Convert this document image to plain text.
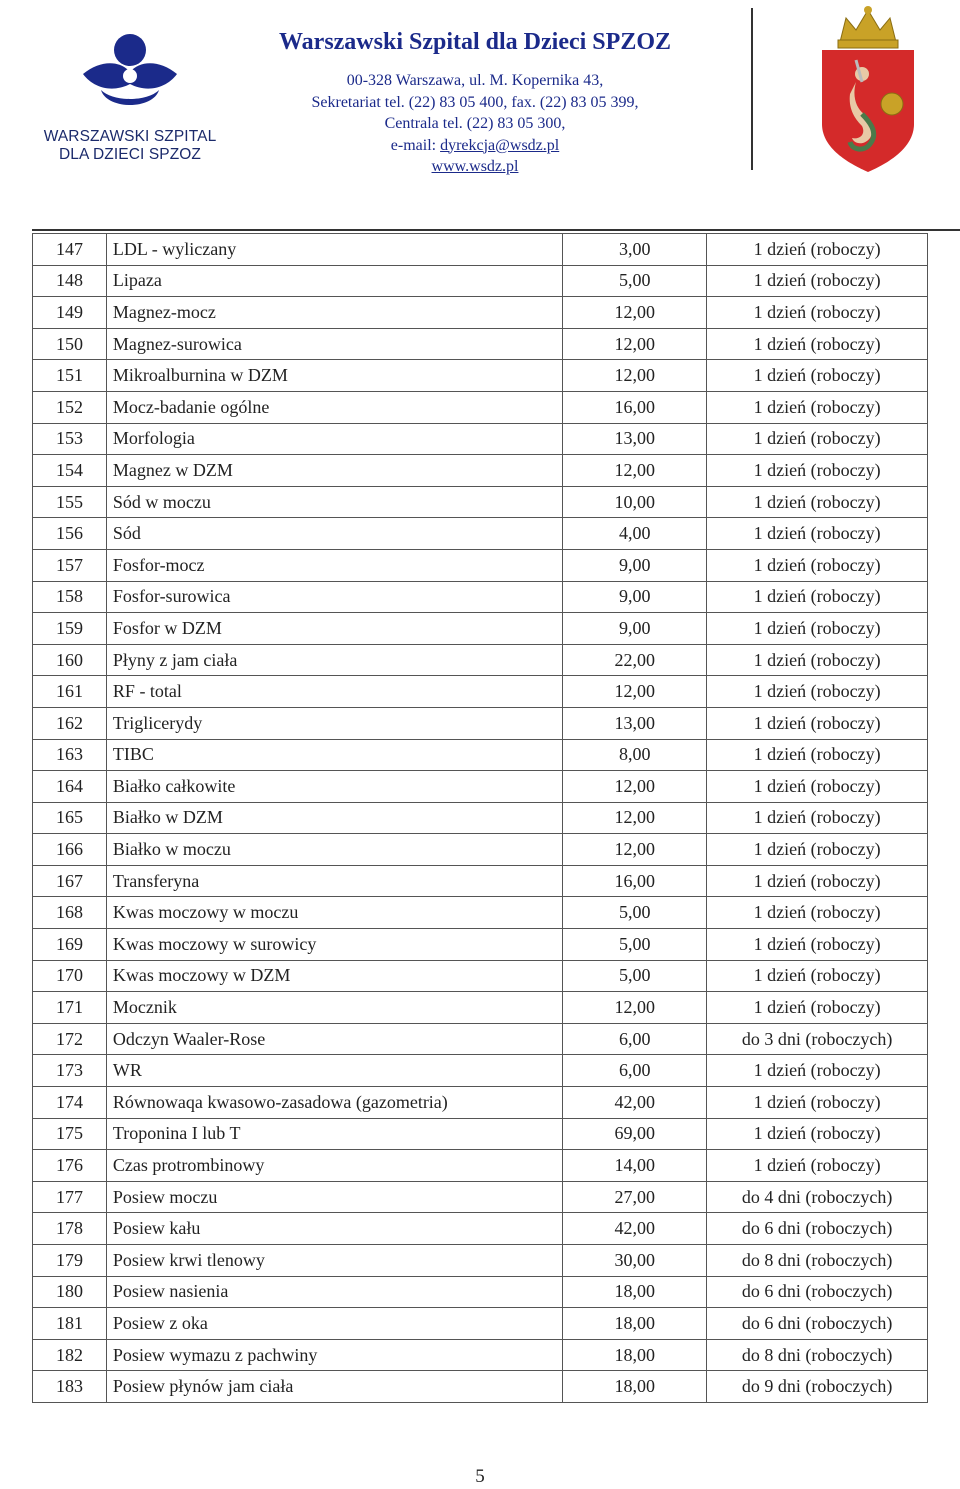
WARSZAWSKI SZPITAL
DLA DZIECI SPZOZ
Warszawski Szpital dla Dzieci SPZOZ
00-328 Warszawa, ul. M. Kopernika 43,
Sekretariat tel. (22) 83 05 400, fax. (22) 83 05 399,
Centrala tel. (22) 83 05 300,
e-mail: dyrekcja@wsdz.pl
www.wsdz.pl
147	LDL - wyliczany	3,00	1 dzień (roboczy)
148	Lipaza	5,00	1 dzień (roboczy)
149	Magnez-mocz	12,00	1 dzień (roboczy)
150	Magnez-surowica	12,00	1 dzień (roboczy)
151	Mikroalburnina w DZM	12,00	1 dzień (roboczy)
152	Mocz-badanie ogólne	16,00	1 dzień (roboczy)
153	Morfologia	13,00	1 dzień (roboczy)
154	Magnez w DZM	12,00	1 dzień (roboczy)
155	Sód w moczu	10,00	1 dzień (roboczy)
156	Sód	4,00	1 dzień (roboczy)
157	Fosfor-mocz	9,00	1 dzień (roboczy)
158	Fosfor-surowica	9,00	1 dzień (roboczy)
159	Fosfor w DZM	9,00	1 dzień (roboczy)
160	Płyny z jam ciała	22,00	1 dzień (roboczy)
161	RF - total	12,00	1 dzień (roboczy)
162	Triglicerydy	13,00	1 dzień (roboczy)
163	TIBC	8,00	1 dzień (roboczy)
164	Białko całkowite	12,00	1 dzień (roboczy)
165	Białko w DZM	12,00	1 dzień (roboczy)
166	Białko w moczu	12,00	1 dzień (roboczy)
167	Transferyna	16,00	1 dzień (roboczy)
168	Kwas moczowy w moczu	5,00	1 dzień (roboczy)
169	Kwas moczowy w surowicy	5,00	1 dzień (roboczy)
170	Kwas moczowy w DZM	5,00	1 dzień (roboczy)
171	Mocznik	12,00	1 dzień (roboczy)
172	Odczyn Waaler-Rose	6,00	do 3 dni (roboczych)
173	WR	6,00	1 dzień (roboczy)
174	Równowaqa kwasowo-zasadowa (gazometria)	42,00	1 dzień (roboczy)
175	Troponina I lub T	69,00	1 dzień (roboczy)
176	Czas protrombinowy	14,00	1 dzień (roboczy)
177	Posiew moczu	27,00	do 4 dni (roboczych)
178	Posiew kału	42,00	do 6 dni (roboczych)
179	Posiew krwi tlenowy	30,00	do 8 dni (roboczych)
180	Posiew nasienia	18,00	do 6 dni (roboczych)
181	Posiew z oka	18,00	do 6 dni (roboczych)
182	Posiew wymazu z pachwiny	18,00	do 8 dni (roboczych)
183	Posiew płynów jam ciała	18,00	do 9 dni (roboczych)
5
